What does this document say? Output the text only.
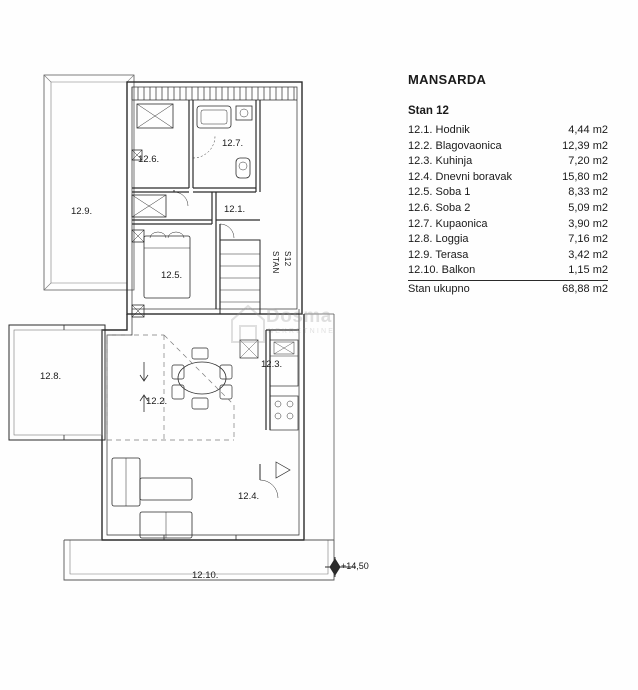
12.6.
12.7.
12.9.	12.1.
12.5.
12.8.
12.3.
12.2.
12.4.
12.10.
STAN S12
+14,50
Dosma
NEKRETNINE
MANSARDA
Stan 12
12.1. Hodnik	4,44 m2
12.2. Blagovaonica	12,39 m2
12.3. Kuhinja	7,20 m2
12.4. Dnevni boravak	15,80 m2
12.5. Soba 1	8,33 m2
12.6. Soba 2	5,09 m2
12.7. Kupaonica	3,90 m2
12.8. Loggia	7,16 m2
12.9. Terasa	3,42 m2
12.10. Balkon	1,15 m2
Stan ukupno	68,88 m2
